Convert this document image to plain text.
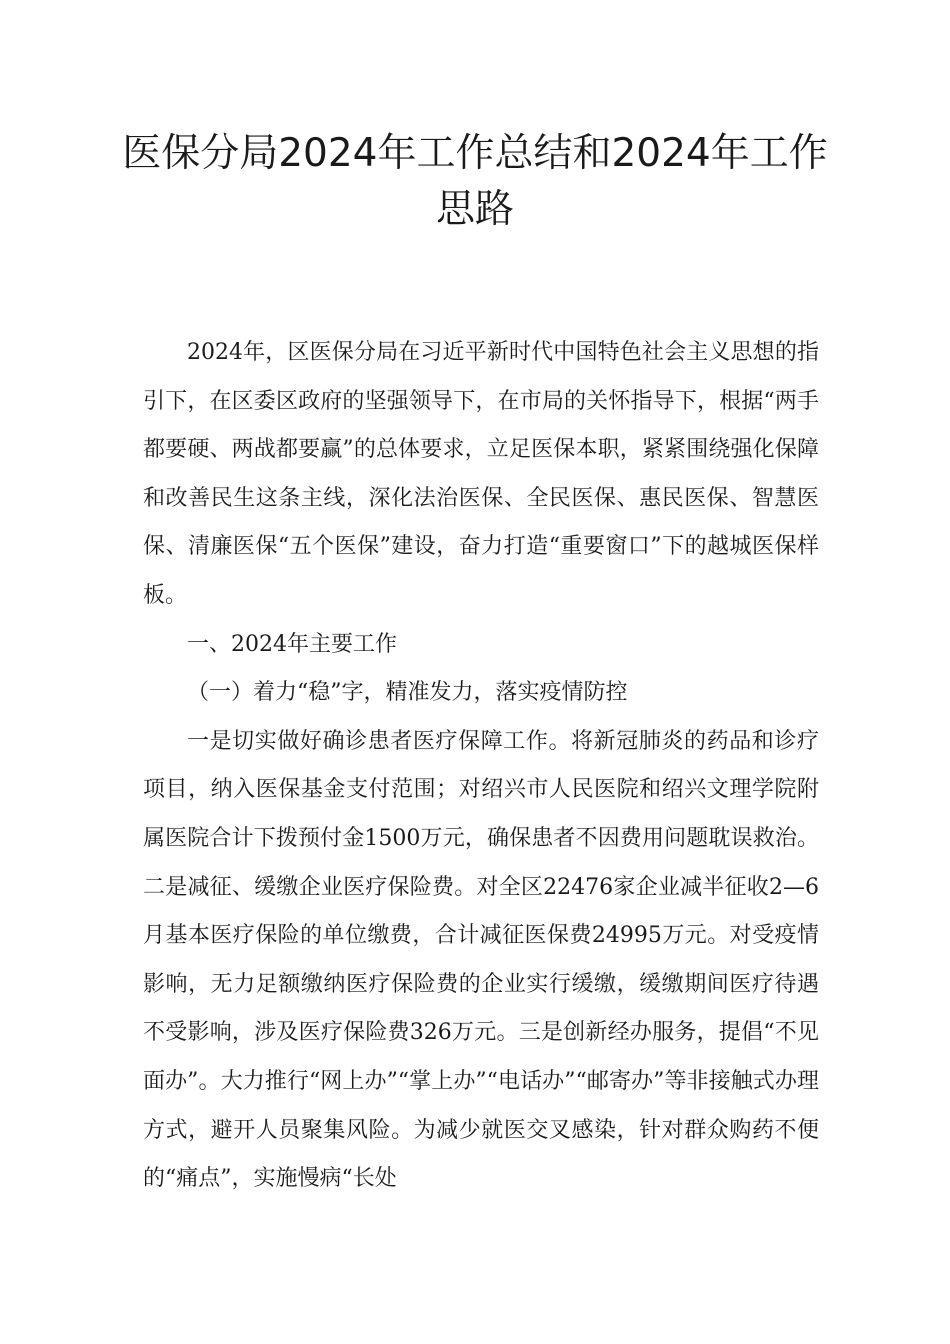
医保分局2024年工作总结和2024年工作思路

2024年，区医保分局在习近平新时代中国特色社会主义思想的指引下，在区委区政府的坚强领导下，在市局的关怀指导下，根据“两手都要硬、两战都要赢”的总体要求，立足医保本职，紧紧围绕强化保障和改善民生这条主线，深化法治医保、全民医保、惠民医保、智慧医保、清廉医保“五个医保”建设，奋力打造“重要窗口”下的越城医保样板。

一、2024年主要工作

（一）着力“稳”字，精准发力，落实疫情防控

一是切实做好确诊患者医疗保障工作。将新冠肺炎的药品和诊疗项目，纳入医保基金支付范围；对绍兴市人民医院和绍兴文理学院附属医院合计下拨预付金1500万元，确保患者不因费用问题耽误救治。二是减征、缓缴企业医疗保险费。对全区22476家企业减半征收2—6月基本医疗保险的单位缴费，合计减征医保费24995万元。对受疫情影响，无力足额缴纳医疗保险费的企业实行缓缴，缓缴期间医疗待遇不受影响，涉及医疗保险费326万元。三是创新经办服务，提倡“不见面办”。大力推行“网上办”“掌上办”“电话办”“邮寄办”等非接触式办理方式，避开人员聚集风险。为减少就医交叉感染，针对群众购药不便的“痛点”，实施慢病“长处
